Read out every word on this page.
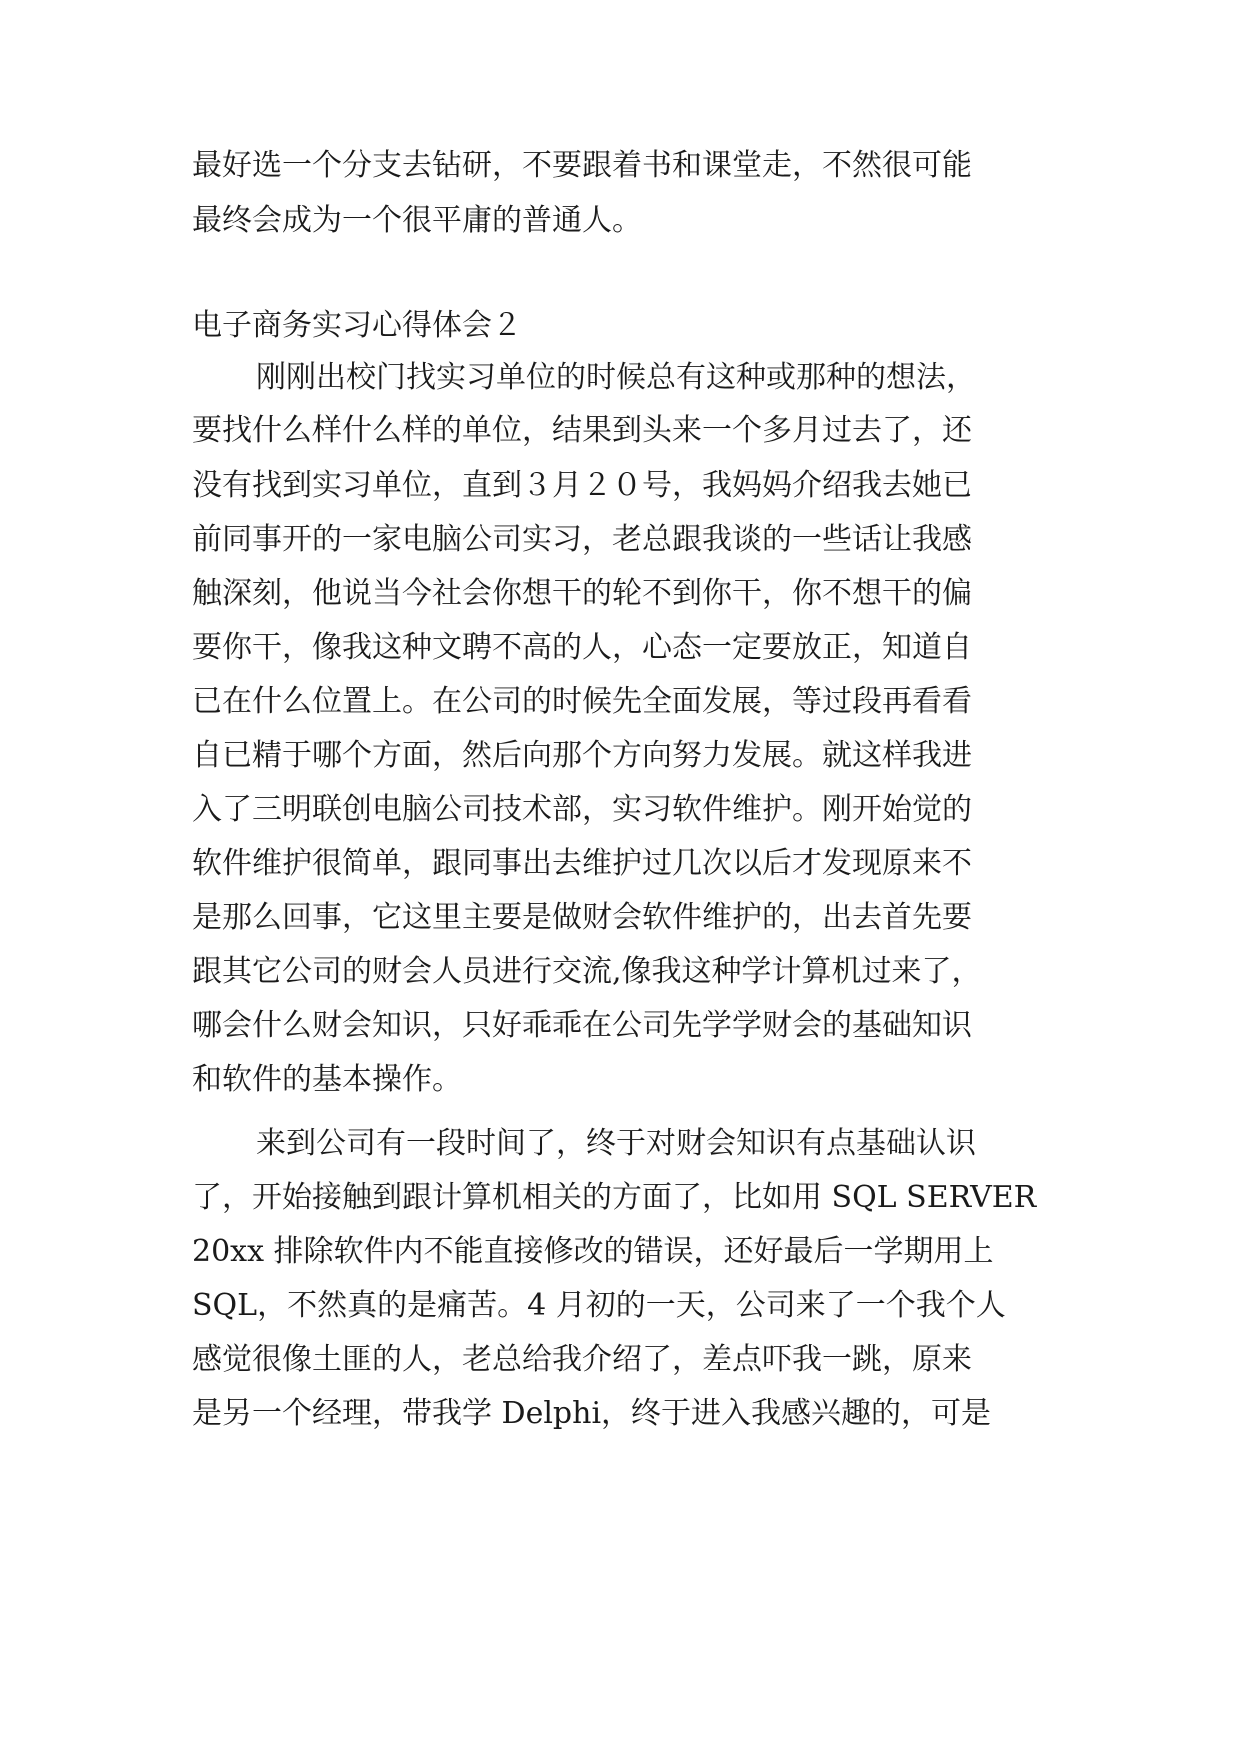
最好选一个分支去钻研，不要跟着书和课堂走，不然很可能
最终会成为一个很平庸的普通人。
电子商务实习心得体会２
刚刚出校门找实习单位的时候总有这种或那种的想法，
要找什么样什么样的单位，结果到头来一个多月过去了，还
没有找到实习单位，直到３月２０号，我妈妈介绍我去她已
前同事开的一家电脑公司实习，老总跟我谈的一些话让我感
触深刻，他说当今社会你想干的轮不到你干，你不想干的偏
要你干，像我这种文聘不高的人，心态一定要放正，知道自
已在什么位置上。在公司的时候先全面发展，等过段再看看
自已精于哪个方面，然后向那个方向努力发展。就这样我进
入了三明联创电脑公司技术部，实习软件维护。刚开始觉的
软件维护很简单，跟同事出去维护过几次以后才发现原来不
是那么回事，它这里主要是做财会软件维护的，出去首先要
跟其它公司的财会人员进行交流,像我这种学计算机过来了，
哪会什么财会知识，只好乖乖在公司先学学财会的基础知识
和软件的基本操作。
来到公司有一段时间了，终于对财会知识有点基础认识
了，开始接触到跟计算机相关的方面了，比如用 SQL SERVER
20xx 排除软件内不能直接修改的错误，还好最后一学期用上
SQL，不然真的是痛苦。4 月初的一天，公司来了一个我个人
感觉很像土匪的人，老总给我介绍了，差点吓我一跳，原来
是另一个经理，带我学 Delphi，终于进入我感兴趣的，可是
